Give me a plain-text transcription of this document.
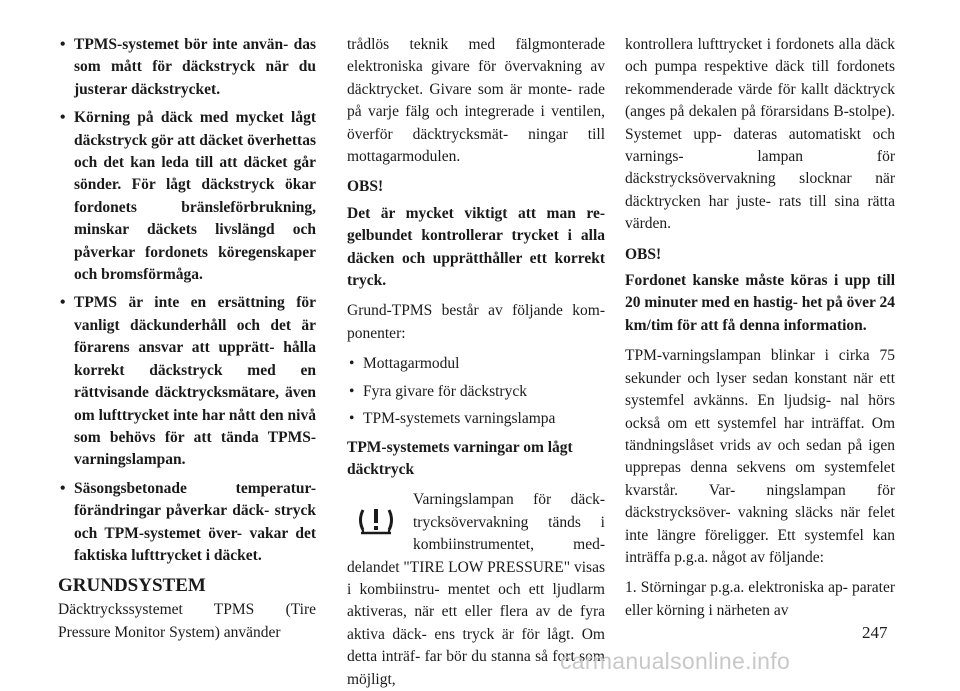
• TPMS-systemet bör inte använ- das som mått för däckstryck när du justerar däckstrycket.
• Körning på däck med mycket lågt däckstryck gör att däcket överhettas och det kan leda till att däcket går sönder. För lågt däckstryck ökar fordonets bränsleförbrukning, minskar däckets livslängd och påverkar fordonets köregenskaper och bromsförmåga.
• TPMS är inte en ersättning för vanligt däckunderhåll och det är förarens ansvar att upprätt- hålla korrekt däckstryck med en rättvisande däcktrycksmätare, även om lufttrycket inte har nått den nivå som behövs för att tända TPMS-varningslampan.
• Säsongsbetonade temperatur- förändringar påverkar däck- stryck och TPM-systemet över- vakar det faktiska lufttrycket i däcket.
GRUNDSYSTEM

Däcktryckssystemet TPMS (Tire Pressure Monitor System) använder

trådlös teknik med fälgmonterade elektroniska givare för övervakning av däcktrycket. Givare som är monte- rade på varje fälg och integrerade i ventilen, överför däcktrycksmät- ningar till mottagarmodulen.

OBS!

Det är mycket viktigt att man re- gelbundet kontrollerar trycket i alla däcken och upprätthåller ett korrekt tryck.

Grund-TPMS består av följande kom- ponenter:

• Mottagarmodul
• Fyra givare för däckstryck
• TPM-systemets varningslampa

TPM-systemets varningar om lågt däcktryck

Varningslampan för däck- trycksövervakning tänds i kombiinstrumentet, med- delandet "TIRE LOW PRESSURE" visas i kombiinstru- mentet och ett ljudlarm aktiveras, när ett eller flera av de fyra aktiva däck- ens tryck är för lågt. Om detta inträf- far bör du stanna så fort som möjligt,

kontrollera lufttrycket i fordonets alla däck och pumpa respektive däck till fordonets rekommenderade värde för kallt däcktryck (anges på dekalen på förarsidans B-stolpe). Systemet upp- dateras automatiskt och varnings- lampan för däckstrycksövervakning slocknar när däcktrycken har juste- rats till sina rätta värden.

OBS!

Fordonet kanske måste köras i upp till 20 minuter med en hastig- het på över 24 km/tim för att få denna information.

TPM-varningslampan blinkar i cirka 75 sekunder och lyser sedan konstant när ett systemfel avkänns. En ljudsig- nal hörs också om ett systemfel har inträffat. Om tändningslåset vrids av och sedan på igen upprepas denna sekvens om systemfelet kvarstår. Var- ningslampan för däckstrycksöver- vakning släcks när felet inte längre föreligger. Ett systemfel kan inträffa p.g.a. något av följande:

1. Störningar p.g.a. elektroniska ap- parater eller körning i närheten av

247
carmanualsonline.info
